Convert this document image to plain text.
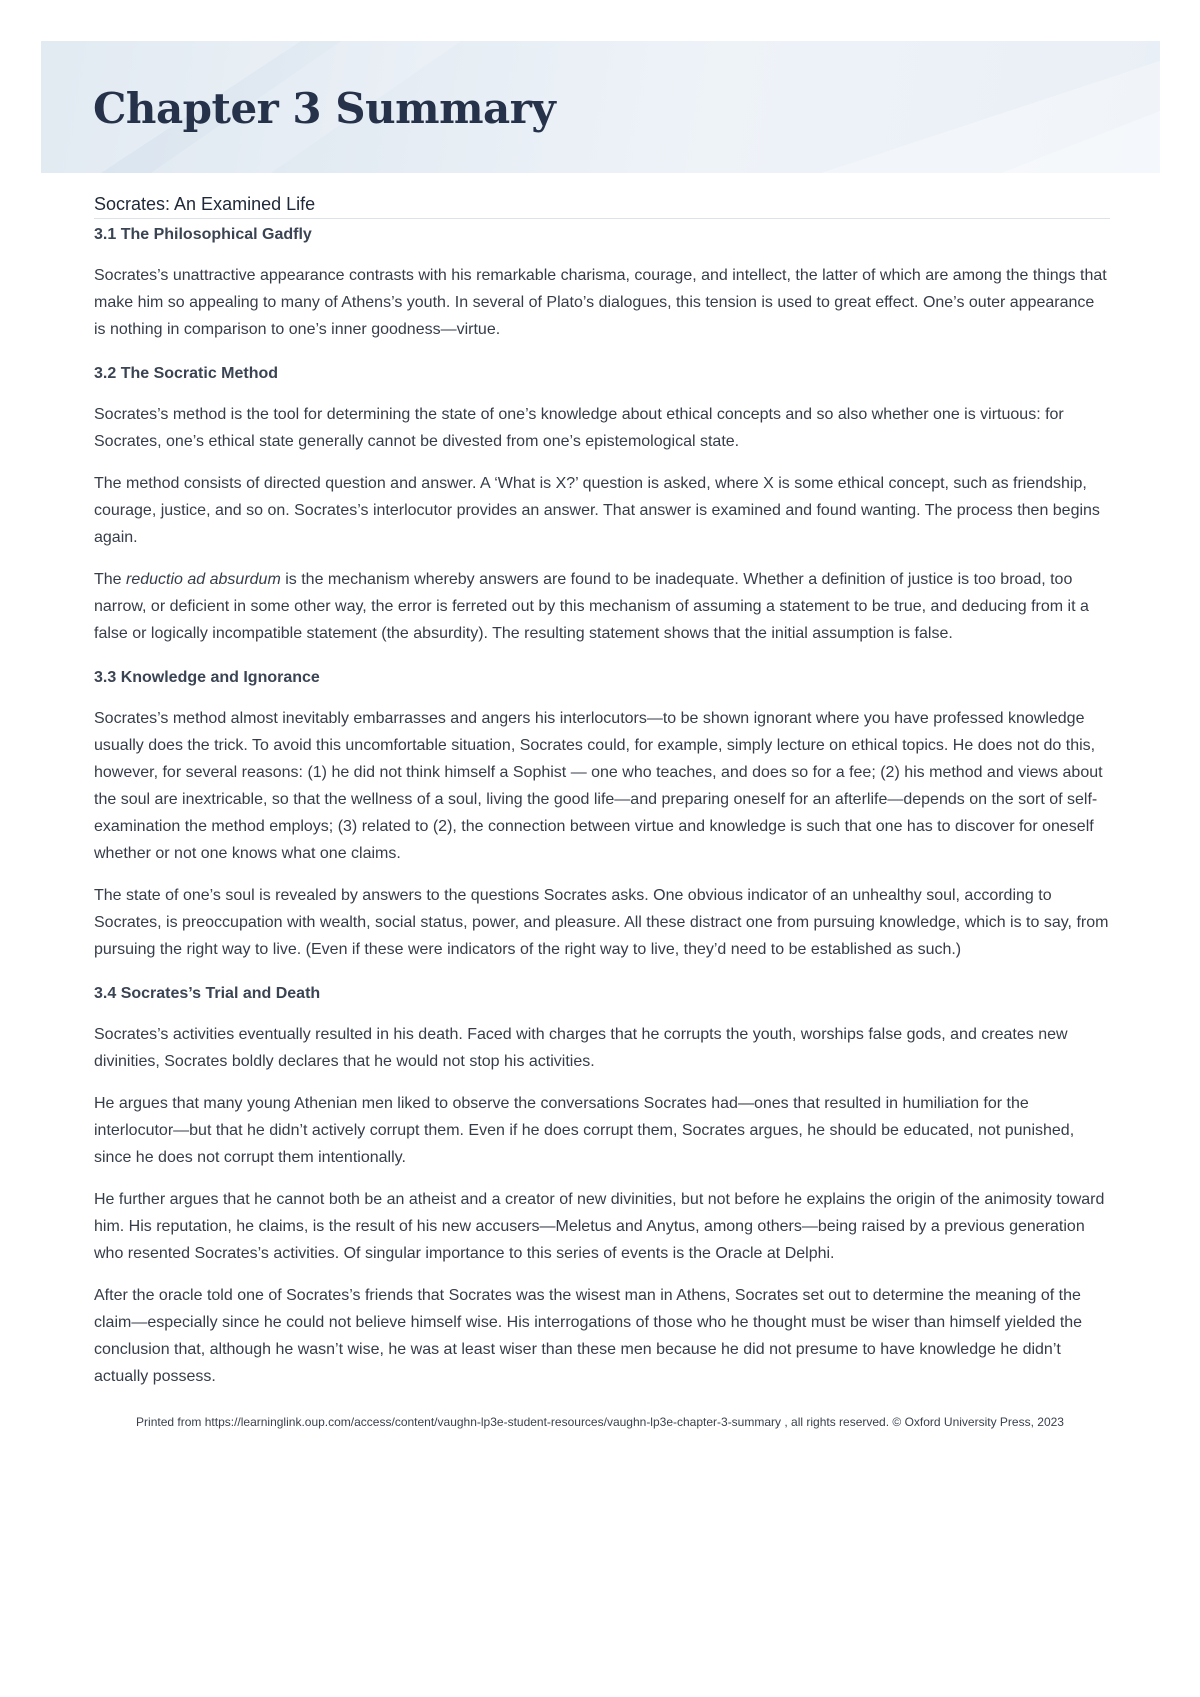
Chapter 3 Summary
Socrates: An Examined Life
3.1 The Philosophical Gadfly

Socrates’s unattractive appearance contrasts with his remarkable charisma, courage, and intellect, the latter of which are among the things that make him so appealing to many of Athens’s youth. In several of Plato’s dialogues, this tension is used to great effect. One’s outer appearance is nothing in comparison to one’s inner goodness—virtue.

3.2 The Socratic Method

Socrates’s method is the tool for determining the state of one’s knowledge about ethical concepts and so also whether one is virtuous: for Socrates, one’s ethical state generally cannot be divested from one’s epistemological state.

The method consists of directed question and answer. A ‘What is X?’ question is asked, where X is some ethical concept, such as friendship, courage, justice, and so on. Socrates’s interlocutor provides an answer. That answer is examined and found wanting. The process then begins again.

The reductio ad absurdum is the mechanism whereby answers are found to be inadequate. Whether a definition of justice is too broad, too narrow, or deficient in some other way, the error is ferreted out by this mechanism of assuming a statement to be true, and deducing from it a false or logically incompatible statement (the absurdity). The resulting statement shows that the initial assumption is false.

3.3 Knowledge and Ignorance

Socrates’s method almost inevitably embarrasses and angers his interlocutors—to be shown ignorant where you have professed knowledge usually does the trick. To avoid this uncomfortable situation, Socrates could, for example, simply lecture on ethical topics. He does not do this, however, for several reasons: (1) he did not think himself a Sophist — one who teaches, and does so for a fee; (2) his method and views about the soul are inextricable, so that the wellness of a soul, living the good life—and preparing oneself for an afterlife—depends on the sort of self-examination the method employs; (3) related to (2), the connection between virtue and knowledge is such that one has to discover for oneself whether or not one knows what one claims.

The state of one’s soul is revealed by answers to the questions Socrates asks. One obvious indicator of an unhealthy soul, according to Socrates, is preoccupation with wealth, social status, power, and pleasure. All these distract one from pursuing knowledge, which is to say, from pursuing the right way to live. (Even if these were indicators of the right way to live, they’d need to be established as such.)

3.4 Socrates’s Trial and Death

Socrates’s activities eventually resulted in his death. Faced with charges that he corrupts the youth, worships false gods, and creates new divinities, Socrates boldly declares that he would not stop his activities.

He argues that many young Athenian men liked to observe the conversations Socrates had—ones that resulted in humiliation for the interlocutor—but that he didn’t actively corrupt them. Even if he does corrupt them, Socrates argues, he should be educated, not punished, since he does not corrupt them intentionally.

He further argues that he cannot both be an atheist and a creator of new divinities, but not before he explains the origin of the animosity toward him. His reputation, he claims, is the result of his new accusers—Meletus and Anytus, among others—being raised by a previous generation who resented Socrates’s activities. Of singular importance to this series of events is the Oracle at Delphi.

After the oracle told one of Socrates’s friends that Socrates was the wisest man in Athens, Socrates set out to determine the meaning of the claim—especially since he could not believe himself wise. His interrogations of those who he thought must be wiser than himself yielded the conclusion that, although he wasn’t wise, he was at least wiser than these men because he did not presume to have knowledge he didn’t actually possess.

Printed from https://learninglink.oup.com/access/content/vaughn-lp3e-student-resources/vaughn-lp3e-chapter-3-summary , all rights reserved. © Oxford University Press, 2023
